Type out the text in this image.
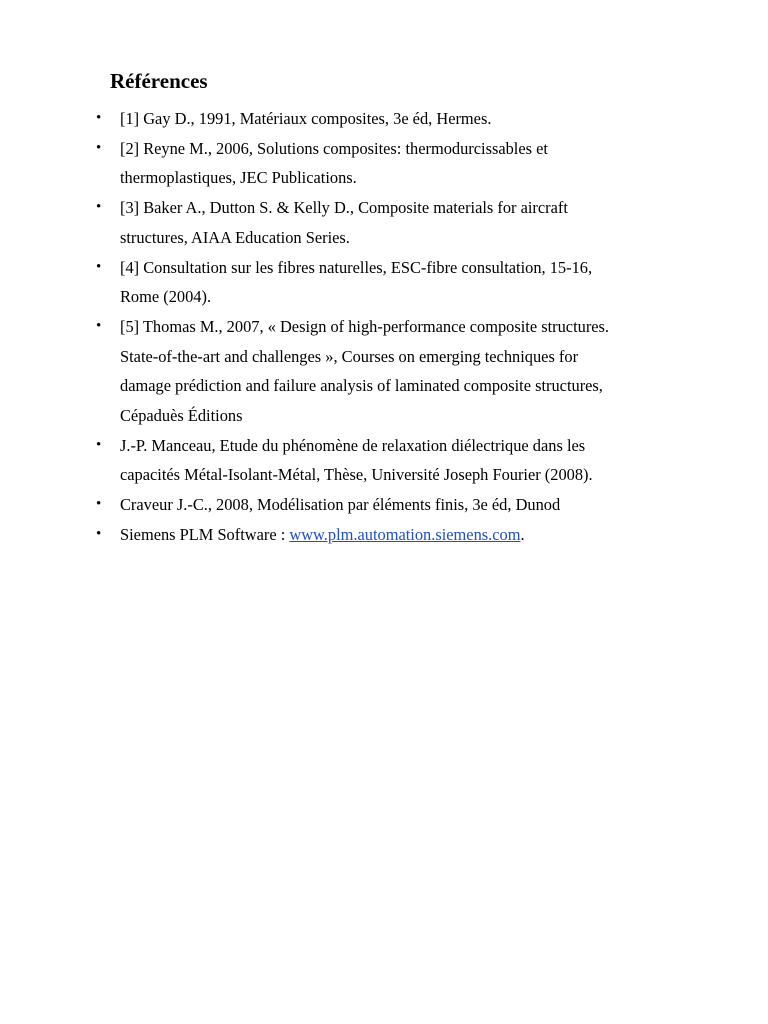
Références
• [1] Gay D., 1991, Matériaux composites, 3e éd, Hermes.
• [2] Reyne M., 2006, Solutions composites: thermodurcissables et
thermoplastiques, JEC Publications.
• [3] Baker A., Dutton S. & Kelly D., Composite materials for aircraft
structures, AIAA Education Series.
• [4] Consultation sur les fibres naturelles, ESC-fibre consultation, 15-16,
Rome (2004).
• [5] Thomas M., 2007, « Design of high-performance composite structures.
State-of-the-art and challenges », Courses on emerging techniques for
damage prédiction and failure analysis of laminated composite structures,
Cépaduès Éditions
• J.-P. Manceau, Etude du phénomène de relaxation diélectrique dans les
capacités Métal-Isolant-Métal, Thèse, Université Joseph Fourier (2008).
• Craveur J.-C., 2008, Modélisation par éléments finis, 3e éd, Dunod
• Siemens PLM Software : www.plm.automation.siemens.com.
